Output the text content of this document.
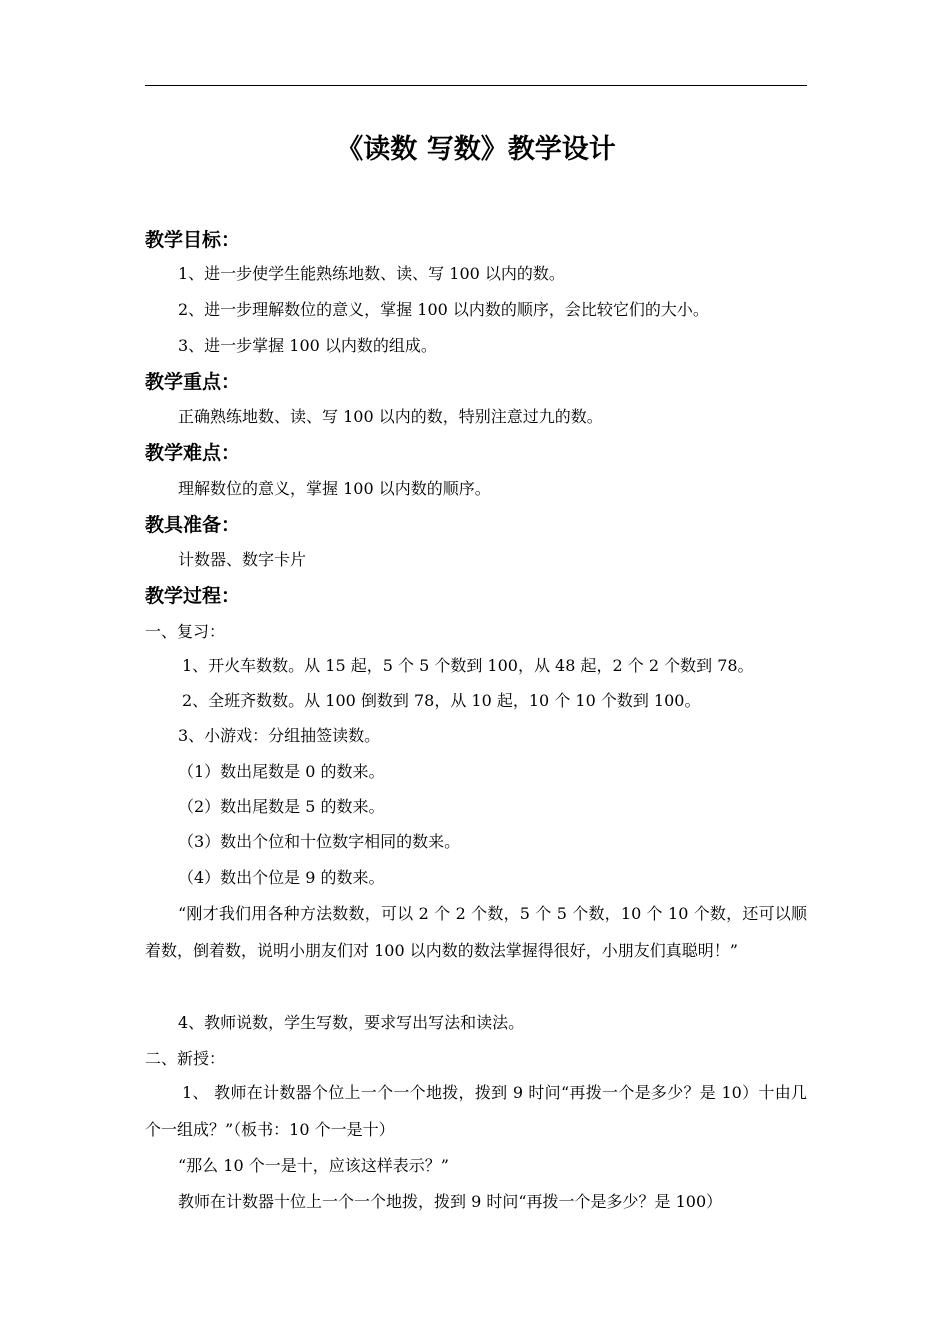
《读数 写数》教学设计
教学目标：
1、进一步使学生能熟练地数、读、写 100 以内的数。
2、进一步理解数位的意义，掌握 100 以内数的顺序，会比较它们的大小。
3、进一步掌握 100 以内数的组成。
教学重点：
正确熟练地数、读、写 100 以内的数，特别注意过九的数。
教学难点：
理解数位的意义，掌握 100 以内数的顺序。
教具准备：
计数器、数字卡片
教学过程：
一、复习：
1、开火车数数。从 15 起，5 个 5 个数到 100，从 48 起，2 个 2 个数到 78。
2、全班齐数数。从 100 倒数到 78，从 10 起，10 个 10 个数到 100。
3、小游戏：分组抽签读数。
（1）数出尾数是 0 的数来。
（2）数出尾数是 5 的数来。
（3）数出个位和十位数字相同的数来。
（4）数出个位是 9 的数来。
“刚才我们用各种方法数数，可以 2 个 2 个数，5 个 5 个数，10 个 10 个数，还可以顺着数，倒着数，说明小朋友们对 100 以内数的数法掌握得很好，小朋友们真聪明！”
4、教师说数，学生写数，要求写出写法和读法。
二、新授：
1、 教师在计数器个位上一个一个地拨，拨到 9 时问“再拨一个是多少？是 10）十由几个一组成？”（板书：10 个一是十）
“那么 10 个一是十，应该这样表示？”
教师在计数器十位上一个一个地拨，拨到 9 时问“再拨一个是多少？是 100）
